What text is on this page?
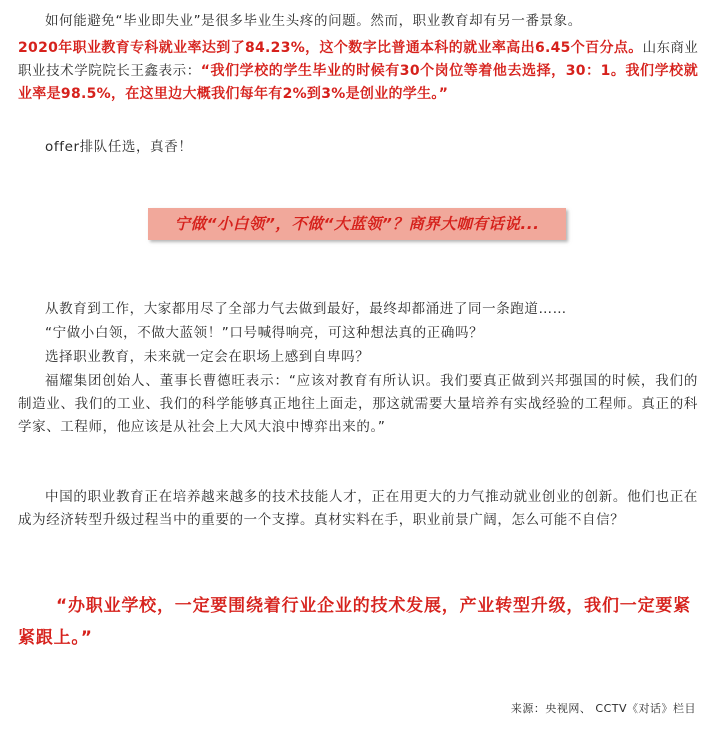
如何能避免“毕业即失业”是很多毕业生头疼的问题。然而，职业教育却有另一番景象。

2020年职业教育专科就业率达到了84.23%，这个数字比普通本科的就业率高出6.45个百分点。山东商业职业技术学院院长王鑫表示：“我们学校的学生毕业的时候有30个岗位等着他去选择，30：1。我们学校就业率是98.5%，在这里边大概我们每年有2%到3%是创业的学生。”

offer排队任选，真香！

宁做“小白领”，不做“大蓝领”？商界大咖有话说...

从教育到工作，大家都用尽了全部力气去做到最好，最终却都涌进了同一条跑道……

“宁做小白领，不做大蓝领！”口号喊得响亮，可这种想法真的正确吗？

选择职业教育，未来就一定会在职场上感到自卑吗？

福耀集团创始人、董事长曹德旺表示：“应该对教育有所认识。我们要真正做到兴邦强国的时候，我们的制造业、我们的工业、我们的科学能够真正地往上面走，那这就需要大量培养有实战经验的工程师。真正的科学家、工程师，他应该是从社会上大风大浪中博弈出来的。”

中国的职业教育正在培养越来越多的技术技能人才，正在用更大的力气推动就业创业的创新。他们也正在成为经济转型升级过程当中的重要的一个支撑。真材实料在手，职业前景广阔，怎么可能不自信？

“办职业学校，一定要围绕着行业企业的技术发展，产业转型升级，我们一定要紧紧跟上。”

来源：央视网、 CCTV《对话》栏目
